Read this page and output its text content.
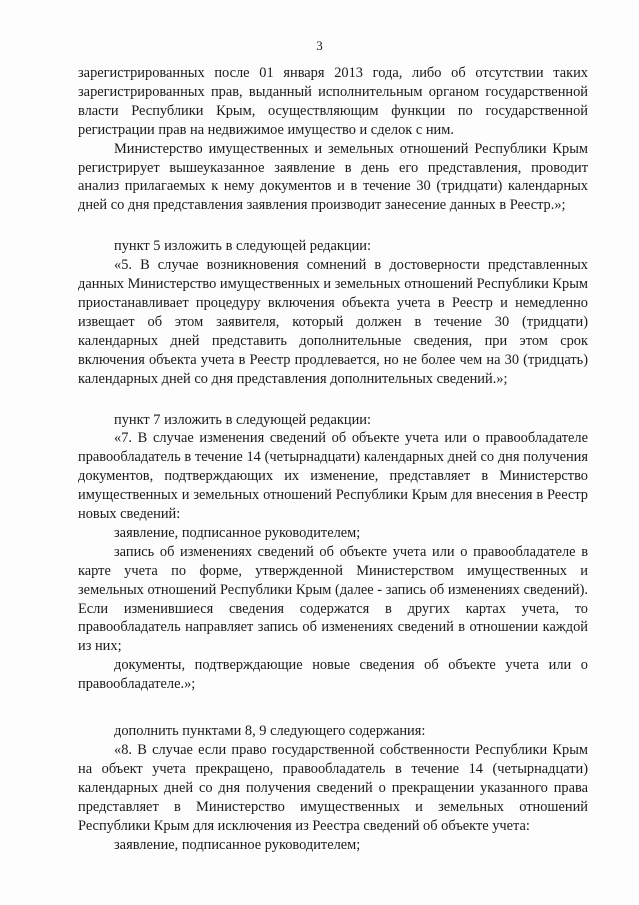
3

зарегистрированных после 01 января 2013 года, либо об отсутствии таких зарегистрированных прав, выданный исполнительным органом государственной власти Республики Крым, осуществляющим функции по государственной регистрации прав на недвижимое имущество и сделок с ним.

Министерство имущественных и земельных отношений Республики Крым регистрирует вышеуказанное заявление в день его представления, проводит анализ прилагаемых к нему документов и в течение 30 (тридцати) календарных дней со дня представления заявления производит занесение данных в Реестр.»;

пункт 5 изложить в следующей редакции:

«5. В случае возникновения сомнений в достоверности представленных данных Министерство имущественных и земельных отношений Республики Крым приостанавливает процедуру включения объекта учета в Реестр и немедленно извещает об этом заявителя, который должен в течение 30 (тридцати) календарных дней представить дополнительные сведения, при этом срок включения объекта учета в Реестр продлевается, но не более чем на 30 (тридцать) календарных дней со дня представления дополнительных сведений.»;

пункт 7 изложить в следующей редакции:

«7. В случае изменения сведений об объекте учета или о правообладателе правообладатель в течение 14 (четырнадцати) календарных дней со дня получения документов, подтверждающих их изменение, представляет в Министерство имущественных и земельных отношений Республики Крым для внесения в Реестр новых сведений:

заявление, подписанное руководителем;

запись об изменениях сведений об объекте учета или о правообладателе в карте учета по форме, утвержденной Министерством имущественных и земельных отношений Республики Крым (далее - запись об изменениях сведений). Если изменившиеся сведения содержатся в других картах учета, то правообладатель направляет запись об изменениях сведений в отношении каждой из них;

документы, подтверждающие новые сведения об объекте учета или о правообладателе.»;

дополнить пунктами 8, 9 следующего содержания:

«8. В случае если право государственной собственности Республики Крым на объект учета прекращено, правообладатель в течение 14 (четырнадцати) календарных дней со дня получения сведений о прекращении указанного права представляет в Министерство имущественных и земельных отношений Республики Крым для исключения из Реестра сведений об объекте учета:

заявление, подписанное руководителем;
